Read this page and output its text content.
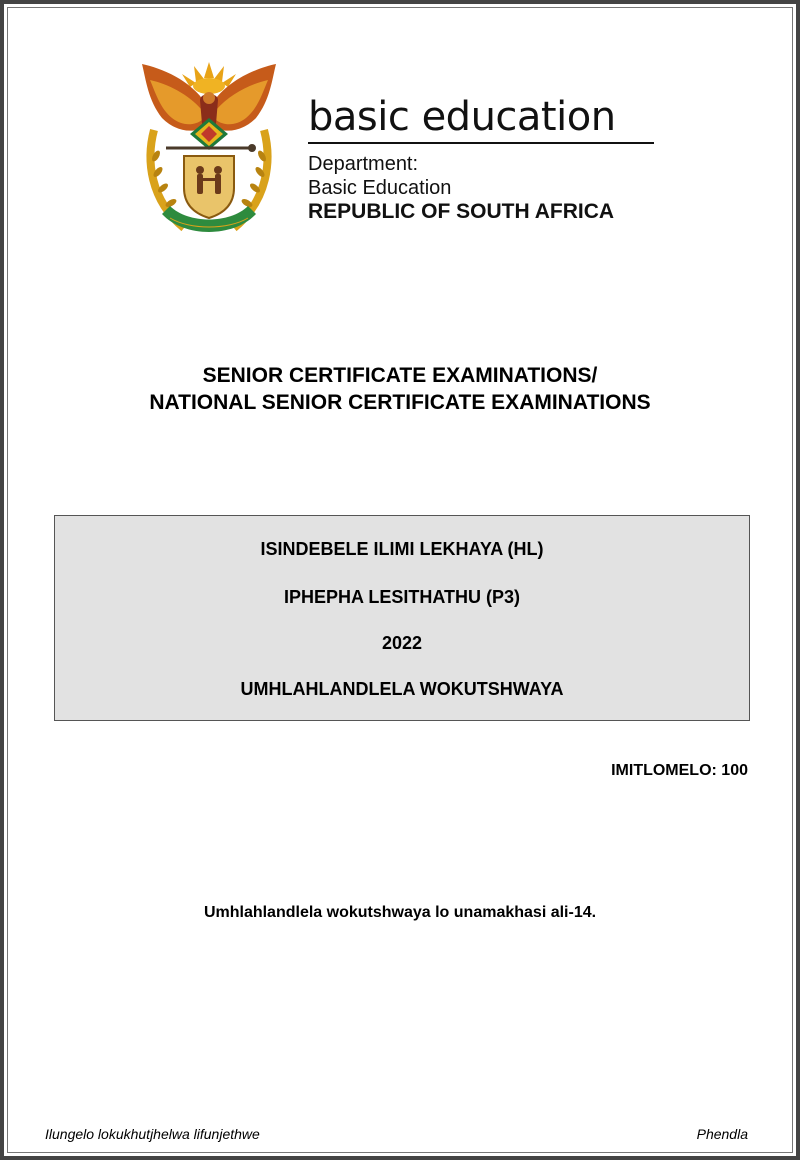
basic education
Department:
Basic Education
REPUBLIC OF SOUTH AFRICA
SENIOR CERTIFICATE EXAMINATIONS/
NATIONAL SENIOR CERTIFICATE EXAMINATIONS
ISINDEBELE ILIMI LEKHAYA (HL)
IPHEPHA LESITHATHU (P3)
2022
UMHLAHLANDLELA WOKUTSHWAYA
IMITLOMELO: 100
Umhlahlandlela wokutshwaya lo unamakhasi ali-14.
Ilungelo lokukhutjhelwa lifunjethwe	Phendla
